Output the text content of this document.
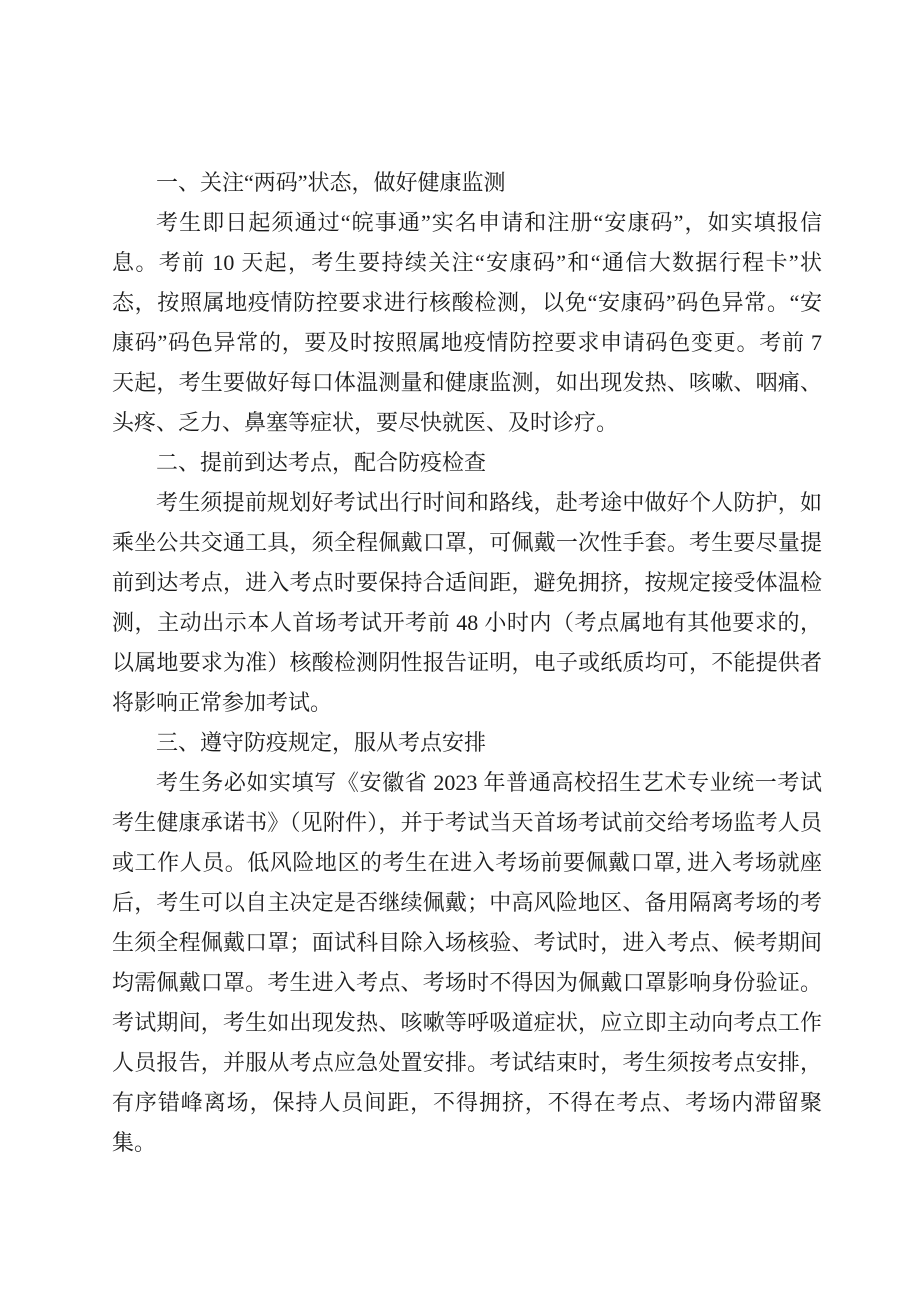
一、关注“两码”状态，做好健康监测

考生即日起须通过“皖事通”实名申请和注册“安康码”，如实填报信息。考前 10 天起，考生要持续关注“安康码”和“通信大数据行程卡”状态，按照属地疫情防控要求进行核酸检测，以免“安康码”码色异常。“安康码”码色异常的，要及时按照属地疫情防控要求申请码色变更。考前 7 天起，考生要做好每口体温测量和健康监测，如出现发热、咳嗽、咽痛、头疼、乏力、鼻塞等症状，要尽快就医、及时诊疗。

二、提前到达考点，配合防疫检查

考生须提前规划好考试出行时间和路线，赴考途中做好个人防护，如乘坐公共交通工具，须全程佩戴口罩，可佩戴一次性手套。考生要尽量提前到达考点，进入考点时要保持合适间距，避免拥挤，按规定接受体温检测，主动出示本人首场考试开考前 48 小时内（考点属地有其他要求的，以属地要求为准）核酸检测阴性报告证明，电子或纸质均可，不能提供者将影响正常参加考试。

三、遵守防疫规定，服从考点安排

考生务必如实填写《安徽省 2023 年普通高校招生艺术专业统一考试考生健康承诺书》（见附件），并于考试当天首场考试前交给考场监考人员或工作人员。低风险地区的考生在进入考场前要佩戴口罩, 进入考场就座后，考生可以自主决定是否继续佩戴；中高风险地区、备用隔离考场的考生须全程佩戴口罩；面试科目除入场核验、考试时，进入考点、候考期间均需佩戴口罩。考生进入考点、考场时不得因为佩戴口罩影响身份验证。考试期间，考生如出现发热、咳嗽等呼吸道症状，应立即主动向考点工作人员报告，并服从考点应急处置安排。考试结束时，考生须按考点安排，有序错峰离场，保持人员间距，不得拥挤，不得在考点、考场内滞留聚集。
